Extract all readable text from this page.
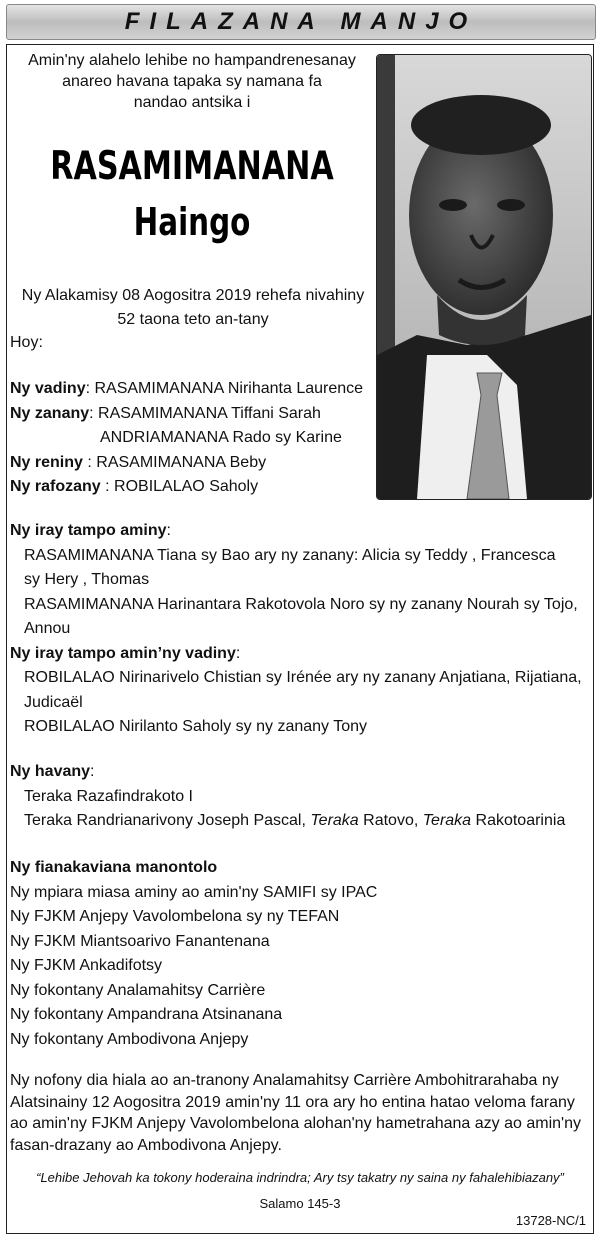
FILAZANA MANJO
Amin'ny alahelo lehibe no hampandrenesanay
anareo havana tapaka sy namana fa
nandao antsika i
RASAMIMANANA
Haingo
Ny Alakamisy 08 Aogositra 2019 rehefa nivahiny
52 taona teto an-tany
Hoy:
Ny vadiny: RASAMIMANANA Nirihanta Laurence
Ny zanany: RASAMIMANANA Tiffani Sarah
ANDRIAMANANA Rado sy Karine
Ny reniny : RASAMIMANANA Beby
Ny rafozany : ROBILALAO Saholy
Ny iray tampo aminy:
RASAMIMANANA Tiana sy Bao ary ny zanany: Alicia sy Teddy , Francesca
sy Hery , Thomas
RASAMIMANANA Harinantara Rakotovola Noro sy ny zanany Nourah sy Tojo,
Annou
Ny iray tampo amin’ny vadiny:
ROBILALAO Nirinarivelo Chistian sy Irénée ary ny zanany Anjatiana, Rijatiana,
Judicaël
ROBILALAO Nirilanto Saholy sy ny zanany Tony
Ny havany:
Teraka Razafindrakoto I
Teraka Randrianarivony Joseph Pascal, Teraka Ratovo, Teraka Rakotoarinia
Ny fianakaviana manontolo
Ny mpiara miasa aminy ao amin'ny SAMIFI sy IPAC
Ny FJKM Anjepy Vavolombelona sy ny TEFAN
Ny FJKM Miantsoarivo Fanantenana
Ny FJKM Ankadifotsy
Ny fokontany Analamahitsy Carrière
Ny fokontany Ampandrana Atsinanana
Ny fokontany Ambodivona Anjepy
Ny nofony dia hiala ao an-tranony Analamahitsy Carrière Ambohitrarahaba ny
Alatsinainy 12 Aogositra 2019 amin'ny 11 ora ary ho entina hatao veloma farany
ao amin'ny FJKM Anjepy Vavolombelona alohan'ny hametrahana azy ao amin'ny
fasan-drazany ao Ambodivona Anjepy.
“Lehibe Jehovah ka tokony hoderaina indrindra; Ary tsy takatry ny saina ny fahalehibiazany”
Salamo 145-3
13728-NC/1
